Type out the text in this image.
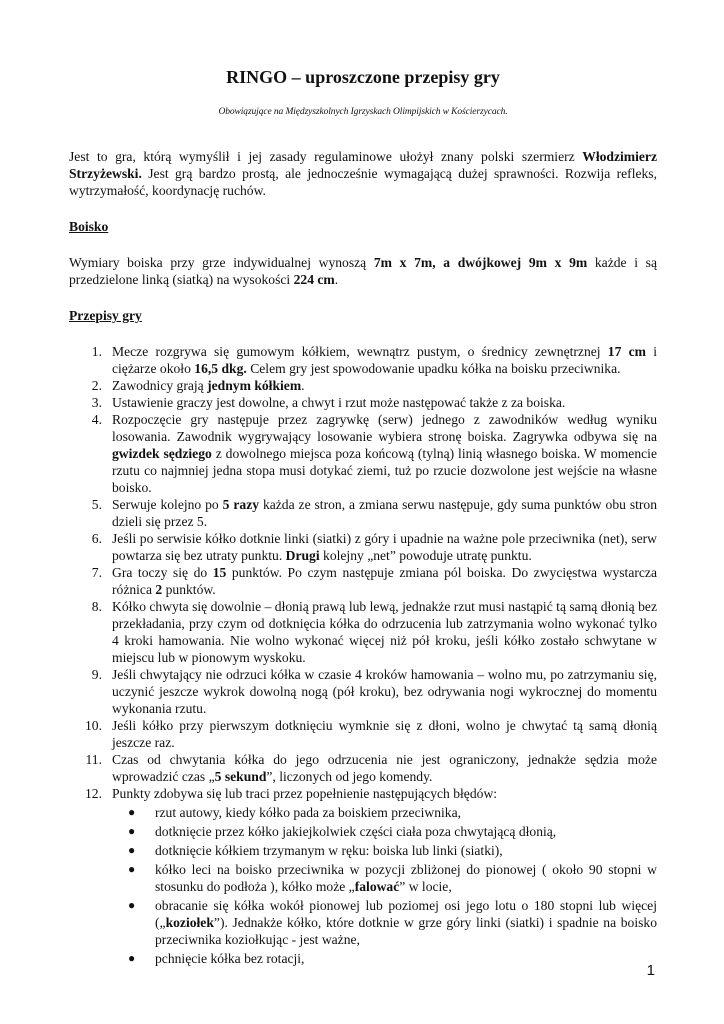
RINGO – uproszczone przepisy gry
Obowiązujące na Międzyszkolnych Igrzyskach Olimpijskich w Kościerzycach.

Jest to gra, którą wymyślił i jej zasady regulaminowe ułożył znany polski szermierz Włodzimierz Strzyżewski. Jest grą bardzo prostą, ale jednocześnie wymagającą dużej sprawności. Rozwija refleks, wytrzymałość, koordynację ruchów.

Boisko

Wymiary boiska przy grze indywidualnej wynoszą 7m x 7m, a dwójkowej 9m x 9m każde i są przedzielone linką (siatką) na wysokości 224 cm.

Przepisy gry
1. Mecze rozgrywa się gumowym kółkiem, wewnątrz pustym, o średnicy zewnętrznej 17 cm i ciężarze około 16,5 dkg. Celem gry jest spowodowanie upadku kółka na boisku przeciwnika.
2. Zawodnicy grają jednym kółkiem.
3. Ustawienie graczy jest dowolne, a chwyt i rzut może następować także z za boiska.
4. Rozpoczęcie gry następuje przez zagrywkę (serw) jednego z zawodników według wyniku losowania. Zawodnik wygrywający losowanie wybiera stronę boiska. Zagrywka odbywa się na gwizdek sędziego z dowolnego miejsca poza końcową (tylną) linią własnego boiska. W momencie rzutu co najmniej jedna stopa musi dotykać ziemi, tuż po rzucie dozwolone jest wejście na własne boisko.
5. Serwuje kolejno po 5 razy każda ze stron, a zmiana serwu następuje, gdy suma punktów obu stron dzieli się przez 5.
6. Jeśli po serwisie kółko dotknie linki (siatki) z góry i upadnie na ważne pole przeciwnika (net), serw powtarza się bez utraty punktu. Drugi kolejny „net” powoduje utratę punktu.
7. Gra toczy się do 15 punktów. Po czym następuje zmiana pól boiska. Do zwycięstwa wystarcza różnica 2 punktów.
8. Kółko chwyta się dowolnie – dłonią prawą lub lewą, jednakże rzut musi nastąpić tą samą dłonią bez przekładania, przy czym od dotknięcia kółka do odrzucenia lub zatrzymania wolno wykonać tylko 4 kroki hamowania. Nie wolno wykonać więcej niż pół kroku, jeśli kółko zostało schwytane w miejscu lub w pionowym wyskoku.
9. Jeśli chwytający nie odrzuci kółka w czasie 4 kroków hamowania – wolno mu, po zatrzymaniu się, uczynić jeszcze wykrok dowolną nogą (pół kroku), bez odrywania nogi wykrocznej do momentu wykonania rzutu.
10. Jeśli kółko przy pierwszym dotknięciu wymknie się z dłoni, wolno je chwytać tą samą dłonią jeszcze raz.
11. Czas od chwytania kółka do jego odrzucenia nie jest ograniczony, jednakże sędzia może wprowadzić czas „5 sekund”, liczonych od jego komendy.
12. Punkty zdobywa się lub traci przez popełnienie następujących błędów:
● rzut autowy, kiedy kółko pada za boiskiem przeciwnika,
● dotknięcie przez kółko jakiejkolwiek części ciała poza chwytającą dłonią,
● dotknięcie kółkiem trzymanym w ręku: boiska lub linki (siatki),
● kółko leci na boisko przeciwnika w pozycji zbliżonej do pionowej ( około 90 stopni w stosunku do podłoża ), kółko może „falować” w locie,
● obracanie się kółka wokół pionowej lub poziomej osi jego lotu o 180 stopni lub więcej („koziołek”). Jednakże kółko, które dotknie w grze góry linki (siatki) i spadnie na boisko przeciwnika koziołkując - jest ważne,
● pchnięcie kółka bez rotacji,
1
